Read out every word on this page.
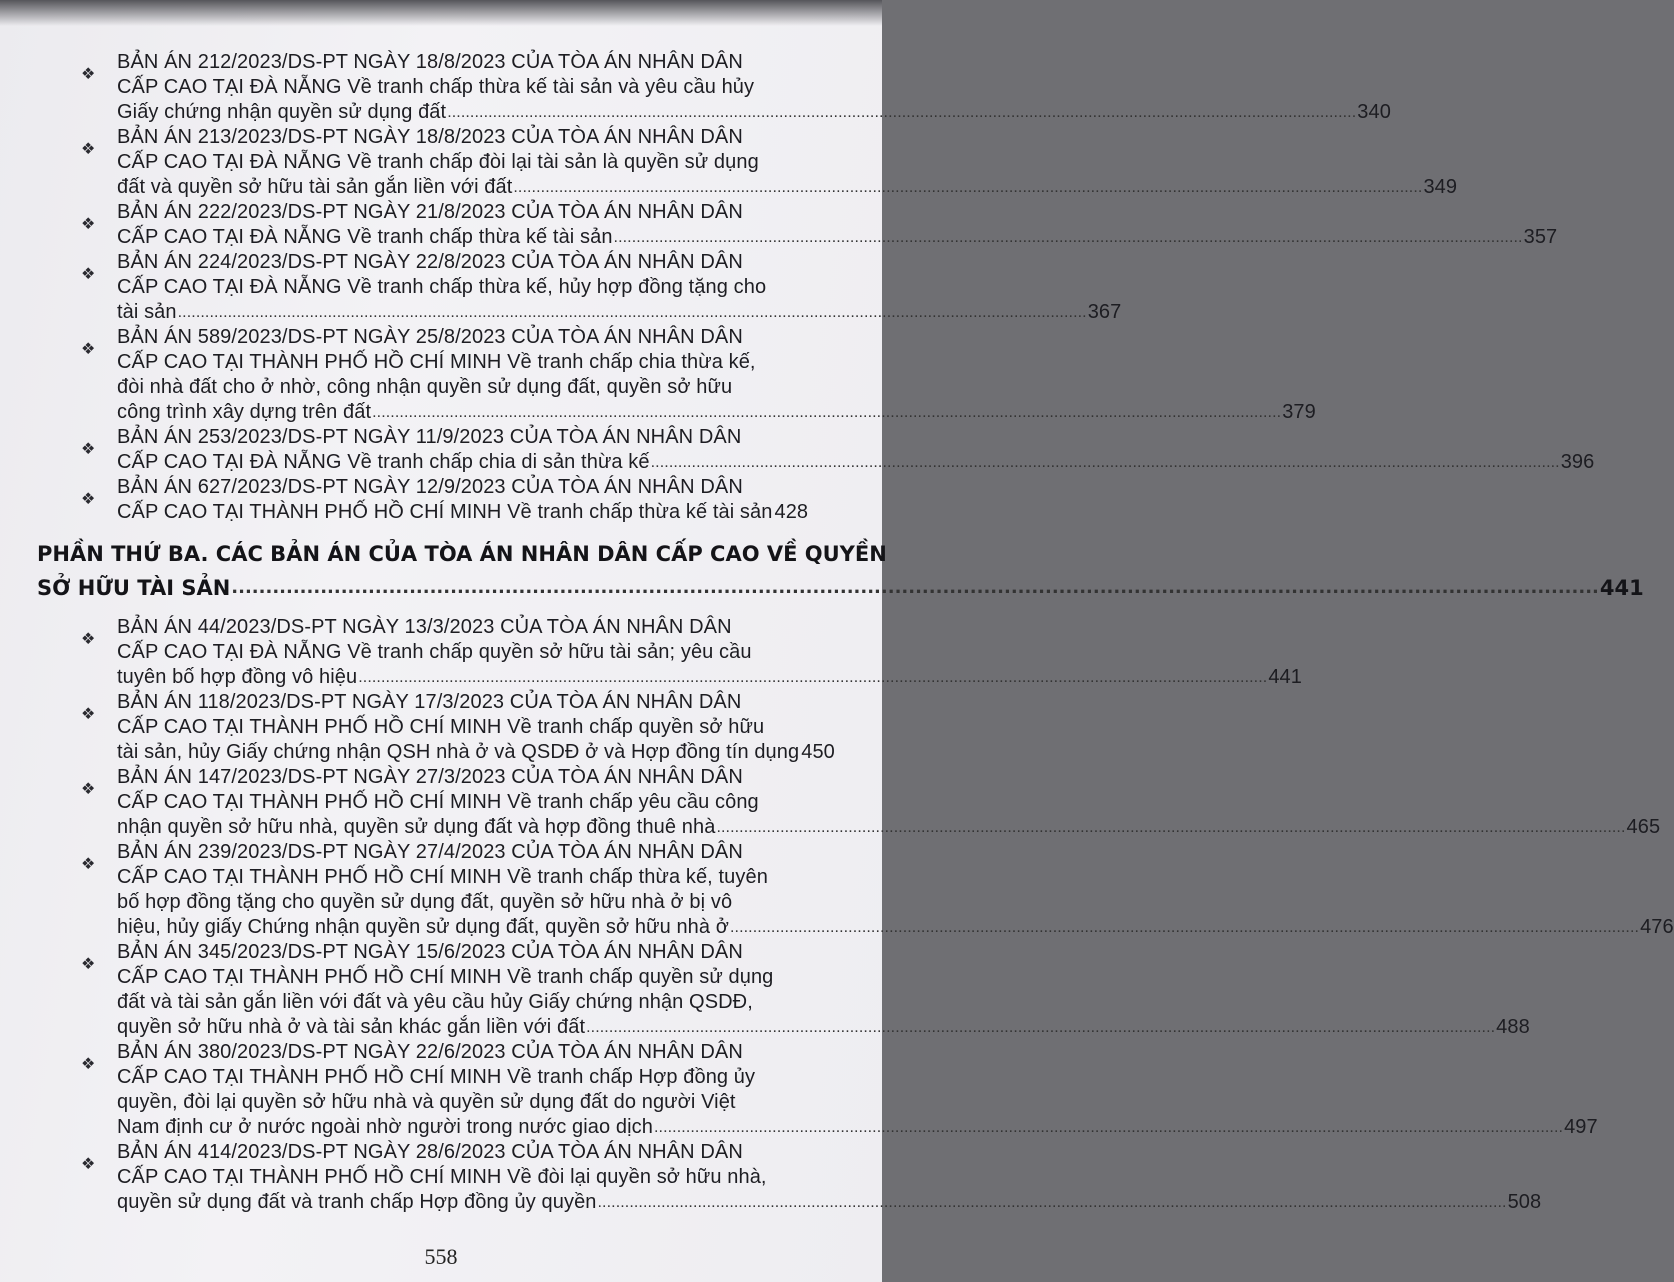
❖
BẢN ÁN 212/2023/DS-PT NGÀY 18/8/2023 CỦA TÒA ÁN NHÂN DÂN
CẤP CAO TẠI ĐÀ NẴNG Về tranh chấp thừa kế tài sản và yêu cầu hủy
Giấy chứng nhận quyền sử dụng đất ........................................................................................................................................................................................................ 340
❖
BẢN ÁN 213/2023/DS-PT NGÀY 18/8/2023 CỦA TÒA ÁN NHÂN DÂN
CẤP CAO TẠI ĐÀ NẴNG Về tranh chấp đòi lại tài sản là quyền sử dụng
đất và quyền sở hữu tài sản gắn liền với đất ........................................................................................................................................................................................................ 349
❖
BẢN ÁN 222/2023/DS-PT NGÀY 21/8/2023 CỦA TÒA ÁN NHÂN DÂN
CẤP CAO TẠI ĐÀ NẴNG Về tranh chấp thừa kế tài sản ........................................................................................................................................................................................................ 357
❖
BẢN ÁN 224/2023/DS-PT NGÀY 22/8/2023 CỦA TÒA ÁN NHÂN DÂN
CẤP CAO TẠI ĐÀ NẴNG Về tranh chấp thừa kế, hủy hợp đồng tặng cho
tài sản ........................................................................................................................................................................................................ 367
❖
BẢN ÁN 589/2023/DS-PT NGÀY 25/8/2023 CỦA TÒA ÁN NHÂN DÂN
CẤP CAO TẠI THÀNH PHỐ HỒ CHÍ MINH Về tranh chấp chia thừa kế,
đòi nhà đất cho ở nhờ, công nhận quyền sử dụng đất, quyền sở hữu
công trình xây dựng trên đất ........................................................................................................................................................................................................ 379
❖
BẢN ÁN 253/2023/DS-PT NGÀY 11/9/2023 CỦA TÒA ÁN NHÂN DÂN
CẤP CAO TẠI ĐÀ NẴNG Về tranh chấp chia di sản thừa kế ........................................................................................................................................................................................................ 396
❖
BẢN ÁN 627/2023/DS-PT NGÀY 12/9/2023 CỦA TÒA ÁN NHÂN DÂN
CẤP CAO TẠI THÀNH PHỐ HỒ CHÍ MINH Về tranh chấp thừa kế tài sản 428
PHẦN THỨ BA. CÁC BẢN ÁN CỦA TÒA ÁN NHÂN DÂN CẤP CAO VỀ QUYỀN
SỞ HỮU TÀI SẢN ........................................................................................................................................................................................................ 441
❖
BẢN ÁN 44/2023/DS-PT NGÀY 13/3/2023 CỦA TÒA ÁN NHÂN DÂN
CẤP CAO TẠI ĐÀ NẴNG Về tranh chấp quyền sở hữu tài sản; yêu cầu
tuyên bố hợp đồng vô hiệu ........................................................................................................................................................................................................ 441
❖
BẢN ÁN 118/2023/DS-PT NGÀY 17/3/2023 CỦA TÒA ÁN NHÂN DÂN
CẤP CAO TẠI THÀNH PHỐ HỒ CHÍ MINH Về tranh chấp quyền sở hữu
tài sản, hủy Giấy chứng nhận QSH nhà ở và QSDĐ ở và Hợp đồng tín dụng 450
❖
BẢN ÁN 147/2023/DS-PT NGÀY 27/3/2023 CỦA TÒA ÁN NHÂN DÂN
CẤP CAO TẠI THÀNH PHỐ HỒ CHÍ MINH Về tranh chấp yêu cầu công
nhận quyền sở hữu nhà, quyền sử dụng đất và hợp đồng thuê nhà ........................................................................................................................................................................................................ 465
❖
BẢN ÁN 239/2023/DS-PT NGÀY 27/4/2023 CỦA TÒA ÁN NHÂN DÂN
CẤP CAO TẠI THÀNH PHỐ HỒ CHÍ MINH Về tranh chấp thừa kế, tuyên
bố hợp đồng tặng cho quyền sử dụng đất, quyền sở hữu nhà ở bị vô
hiệu, hủy giấy Chứng nhận quyền sử dụng đất, quyền sở hữu nhà ở ........................................................................................................................................................................................................ 476
❖
BẢN ÁN 345/2023/DS-PT NGÀY 15/6/2023 CỦA TÒA ÁN NHÂN DÂN
CẤP CAO TẠI THÀNH PHỐ HỒ CHÍ MINH Về tranh chấp quyền sử dụng
đất và tài sản gắn liền với đất và yêu cầu hủy Giấy chứng nhận QSDĐ,
quyền sở hữu nhà ở và tài sản khác gắn liền với đất ........................................................................................................................................................................................................ 488
❖
BẢN ÁN 380/2023/DS-PT NGÀY 22/6/2023 CỦA TÒA ÁN NHÂN DÂN
CẤP CAO TẠI THÀNH PHỐ HỒ CHÍ MINH Về tranh chấp Hợp đồng ủy
quyền, đòi lại quyền sở hữu nhà và quyền sử dụng đất do người Việt
Nam định cư ở nước ngoài nhờ người trong nước giao dịch ........................................................................................................................................................................................................ 497
❖
BẢN ÁN 414/2023/DS-PT NGÀY 28/6/2023 CỦA TÒA ÁN NHÂN DÂN
CẤP CAO TẠI THÀNH PHỐ HỒ CHÍ MINH Về đòi lại quyền sở hữu nhà,
quyền sử dụng đất và tranh chấp Hợp đồng ủy quyền ........................................................................................................................................................................................................ 508
558
